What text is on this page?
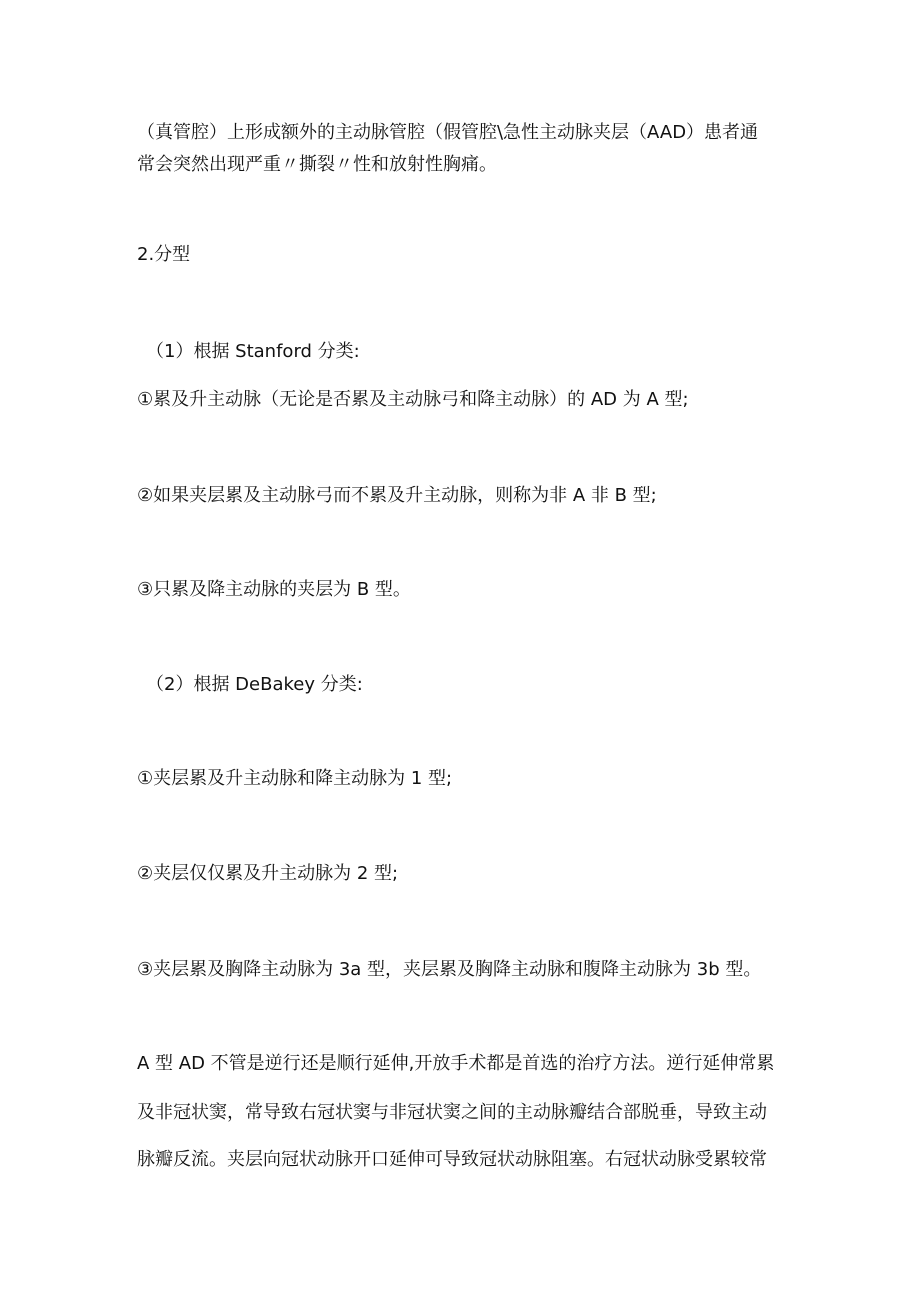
（真管腔）上形成额外的主动脉管腔（假管腔\急性主动脉夹层（AAD）患者通
常会突然出现严重〃撕裂〃性和放射性胸痛。
2.分型
（1）根据 Stanford 分类:
①累及升主动脉（无论是否累及主动脉弓和降主动脉）的 AD 为 A 型;
②如果夹层累及主动脉弓而不累及升主动脉，则称为非 A 非 B 型;
③只累及降主动脉的夹层为 B 型。
（2）根据 DeBakey 分类:
①夹层累及升主动脉和降主动脉为 1 型;
②夹层仅仅累及升主动脉为 2 型;
③夹层累及胸降主动脉为 3a 型，夹层累及胸降主动脉和腹降主动脉为 3b 型。
A 型 AD 不管是逆行还是顺行延伸,开放手术都是首选的治疗方法。逆行延伸常累
及非冠状窦，常导致右冠状窦与非冠状窦之间的主动脉瓣结合部脱垂，导致主动
脉瓣反流。夹层向冠状动脉开口延伸可导致冠状动脉阻塞。右冠状动脉受累较常
